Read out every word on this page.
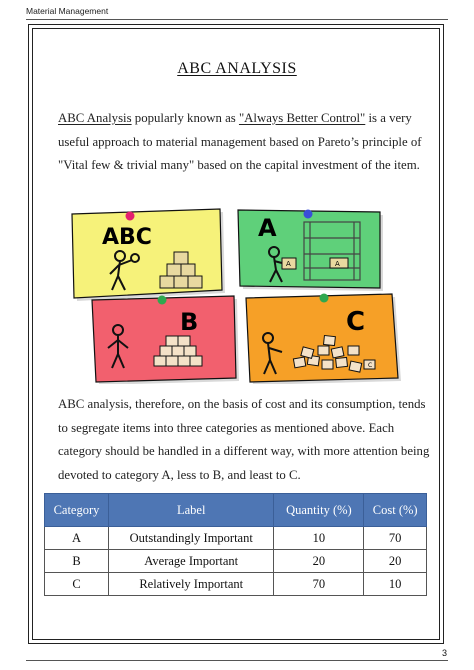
Material Management
ABC ANALYSIS
ABC Analysis popularly known as "Always Better Control" is a very useful approach to material management based on Pareto’s principle of "Vital few & trivial many" based on the capital investment of the item.
ABC	A
A
A
B	C
C
ABC analysis, therefore, on the basis of cost and its consumption, tends to segregate items into three categories as mentioned above. Each category should be handled in a different way, with more attention being devoted to category A, less to B, and least to C.
Category	Label	Quantity (%)	Cost (%)
A	Outstandingly Important	10	70
B	Average Important	20	20
C	Relatively Important	70	10
3
